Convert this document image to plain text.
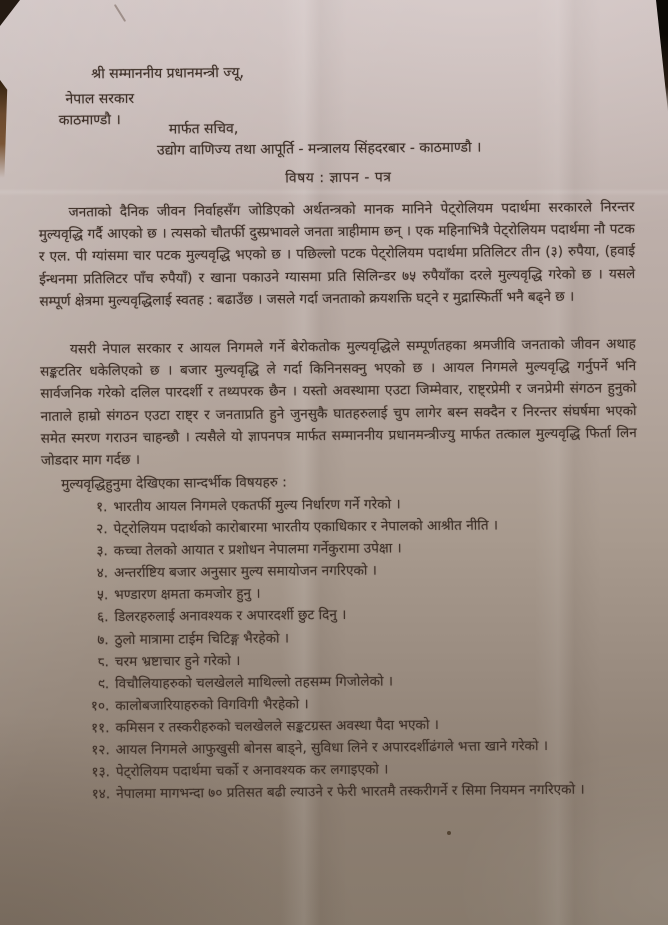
श्री सम्माननीय प्रधानमन्त्री ज्यू,
नेपाल सरकार
काठमाण्डौ ।
मार्फत सचिव,
उद्योग वाणिज्य तथा आपूर्ति - मन्त्रालय सिंहदरबार - काठमाण्डौ ।
विषय : ज्ञापन - पत्र
जनताको दैनिक जीवन निर्वाहसँग जोडिएको अर्थतन्त्रको मानक मानिने पेट्रोलियम पदार्थमा सरकारले निरन्तर मुल्यवृद्धि गर्दै आएको छ । त्यसको चौतर्फी दुस्प्रभावले जनता त्राहीमाम छन् । एक महिनाभित्रै पेट्रोलियम पदार्थमा नौ पटक र एल. पी ग्यांसमा चार पटक मुल्यवृद्धि भएको छ । पछिल्लो पटक पेट्रोलियम पदार्थमा प्रतिलिटर तीन (३) रुपैया, (हवाई ईन्धनमा प्रतिलिटर पाँच रुपैयाँ) र खाना पकाउने ग्यासमा प्रति सिलिन्डर ७५ रुपैयाँका दरले मुल्यवृद्धि गरेको छ । यसले सम्पूर्ण क्षेत्रमा मुल्यवृद्धिलाई स्वतह : बढाउँछ । जसले गर्दा जनताको क्रयशक्ति घट्ने र मुद्रास्फिर्ती भनै बढ्ने छ ।
यसरी नेपाल सरकार र आयल निगमले गर्ने बेरोकतोक मुल्यवृद्धिले सम्पूर्णतहका श्रमजीवि जनताको जीवन अथाह सङ्कटतिर धकेलिएको छ । बजार मुल्यवृद्धि ले गर्दा किनिनसक्नु भएको छ । आयल निगमले मुल्यवृद्धि गर्नुपर्ने भनि सार्वजनिक गरेको दलिल पारदर्शी र तथ्यपरक छैन । यस्तो अवस्थामा एउटा जिम्मेवार, राष्ट्रप्रेमी र जनप्रेमी संगठन हुनुको नाताले हाम्रो संगठन एउटा राष्ट्र र जनताप्रति हुने जुनसुकै घातहरुलाई चुप लागेर बस्न सक्दैन र निरन्तर संघर्षमा भएको समेत स्मरण गराउन चाहन्छौ । त्यसैले यो ज्ञापनपत्र मार्फत सम्माननीय प्रधानमन्त्रीज्यु मार्फत तत्काल मुल्यवृद्धि फिर्ता लिन जोडदार माग गर्दछ ।
मुल्यवृद्धिहुनुमा देखिएका सान्दर्भीक विषयहरु :
१. भारतीय आयल निगमले एकतर्फी मुल्य निर्धारण गर्ने गरेको ।
२. पेट्रोलियम पदार्थको कारोबारमा भारतीय एकाधिकार र नेपालको आश्रीत नीति ।
३. कच्चा तेलको आयात र प्रशोधन नेपालमा गर्नेकुरामा उपेक्षा ।
४. अन्तर्राष्टिय बजार अनुसार मुल्य समायोजन नगरिएको ।
५. भण्डारण क्षमता कमजोर हुनु ।
६. डिलरहरुलाई अनावश्यक र अपारदर्शी छुट दिनु ।
७. ठुलो मात्रामा टाईम चिटिङ्ग भैरहेको ।
८. चरम भ्रष्टाचार हुने गरेको ।
९. विचौलियाहरुको चलखेलले माथिल्लो तहसम्म गिजोलेको ।
१०. कालोबजारियाहरुको विगविगी भैरहेको ।
११. कमिसन र तस्करीहरुको चलखेलले सङ्कटग्रस्त अवस्था पैदा भएको ।
१२. आयल निगमले आफुखुसी बोनस बाड्ने, सुविधा लिने र अपारदर्शीढंगले भत्ता खाने गरेको ।
१३. पेट्रोलियम पदार्थमा चर्को र अनावश्यक कर लगाइएको ।
१४. नेपालमा मागभन्दा ७० प्रतिसत बढी ल्याउने र फेरी भारतमै तस्करीगर्ने र सिमा नियमन नगरिएको ।
